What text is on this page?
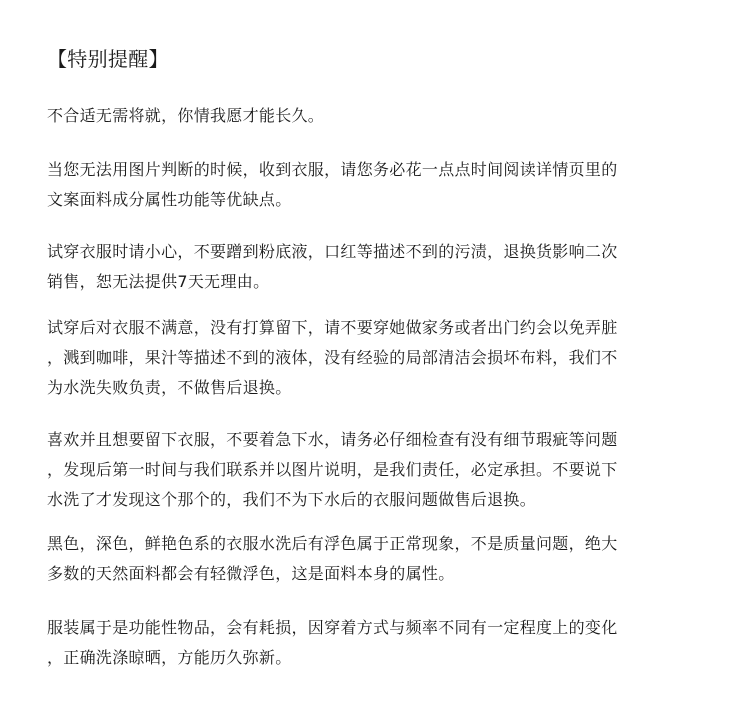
【特别提醒】
不合适无需将就，你情我愿才能长久。
当您无法用图片判断的时候，收到衣服，请您务必花一点点时间阅读详情页里的
文案面料成分属性功能等优缺点。
试穿衣服时请小心，不要蹭到粉底液，口红等描述不到的污渍，退换货影响二次
销售，恕无法提供7天无理由。
试穿后对衣服不满意，没有打算留下，请不要穿她做家务或者出门约会以免弄脏
，溅到咖啡，果汁等描述不到的液体，没有经验的局部清洁会损坏布料，我们不
为水洗失败负责，不做售后退换。
喜欢并且想要留下衣服，不要着急下水，请务必仔细检查有没有细节瑕疵等问题
，发现后第一时间与我们联系并以图片说明，是我们责任，必定承担。不要说下
水洗了才发现这个那个的，我们不为下水后的衣服问题做售后退换。
黑色，深色，鲜艳色系的衣服水洗后有浮色属于正常现象，不是质量问题，绝大
多数的天然面料都会有轻微浮色，这是面料本身的属性。
服装属于是功能性物品，会有耗损，因穿着方式与频率不同有一定程度上的变化
，正确洗涤晾晒，方能历久弥新。
